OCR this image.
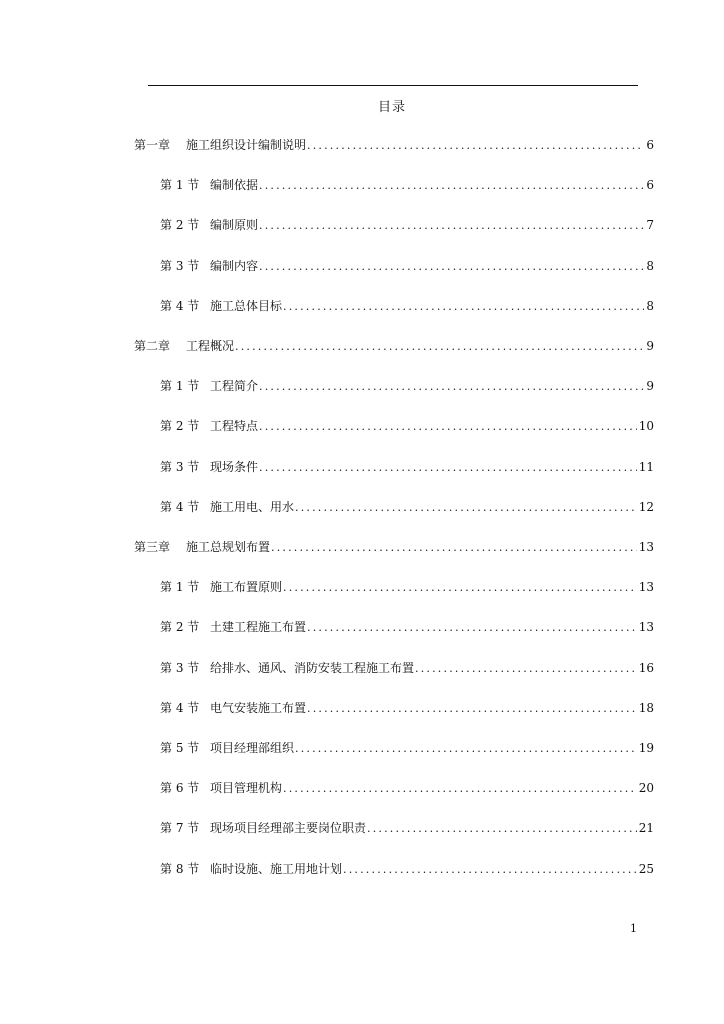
目录
第一章	施工组织设计编制说明 .....	6
第 1 节 编制依据 .....	6
第 2 节 编制原则 .....	7
第 3 节 编制内容 .....	8
第 4 节 施工总体目标 .....	8
第二章	工程概况 .....	9
第 1 节 工程简介 .....	9
第 2 节 工程特点 .....	10
第 3 节 现场条件 .....	11
第 4 节 施工用电、用水 .....	12
第三章	施工总规划布置 .....	13
第 1 节 施工布置原则 .....	13
第 2 节 土建工程施工布置 .....	13
第 3 节 给排水、通风、消防安装工程施工布置 .....	16
第 4 节 电气安装施工布置 .....	18
第 5 节 项目经理部组织 .....	19
第 6 节 项目管理机构 .....	20
第 7 节 现场项目经理部主要岗位职责 .....	21
第 8 节 临时设施、施工用地计划 .....	25
1
